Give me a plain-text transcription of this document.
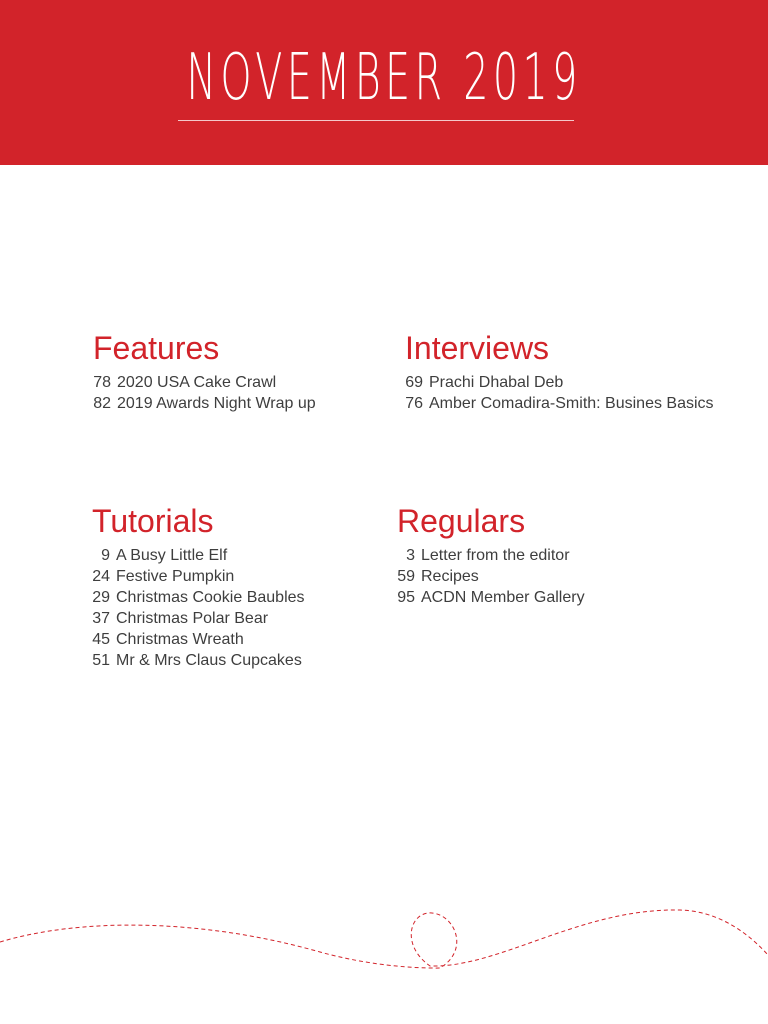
NOVEMBER 2019
Features
78 2020 USA Cake Crawl
82 2019 Awards Night Wrap up
Interviews
69 Prachi Dhabal Deb
76 Amber Comadira-Smith: Busines Basics
Tutorials
9 A Busy Little Elf
24 Festive Pumpkin
29 Christmas Cookie Baubles
37 Christmas Polar Bear
45 Christmas Wreath
51 Mr & Mrs Claus Cupcakes
Regulars
3 Letter from the editor
59 Recipes
95 ACDN Member Gallery
